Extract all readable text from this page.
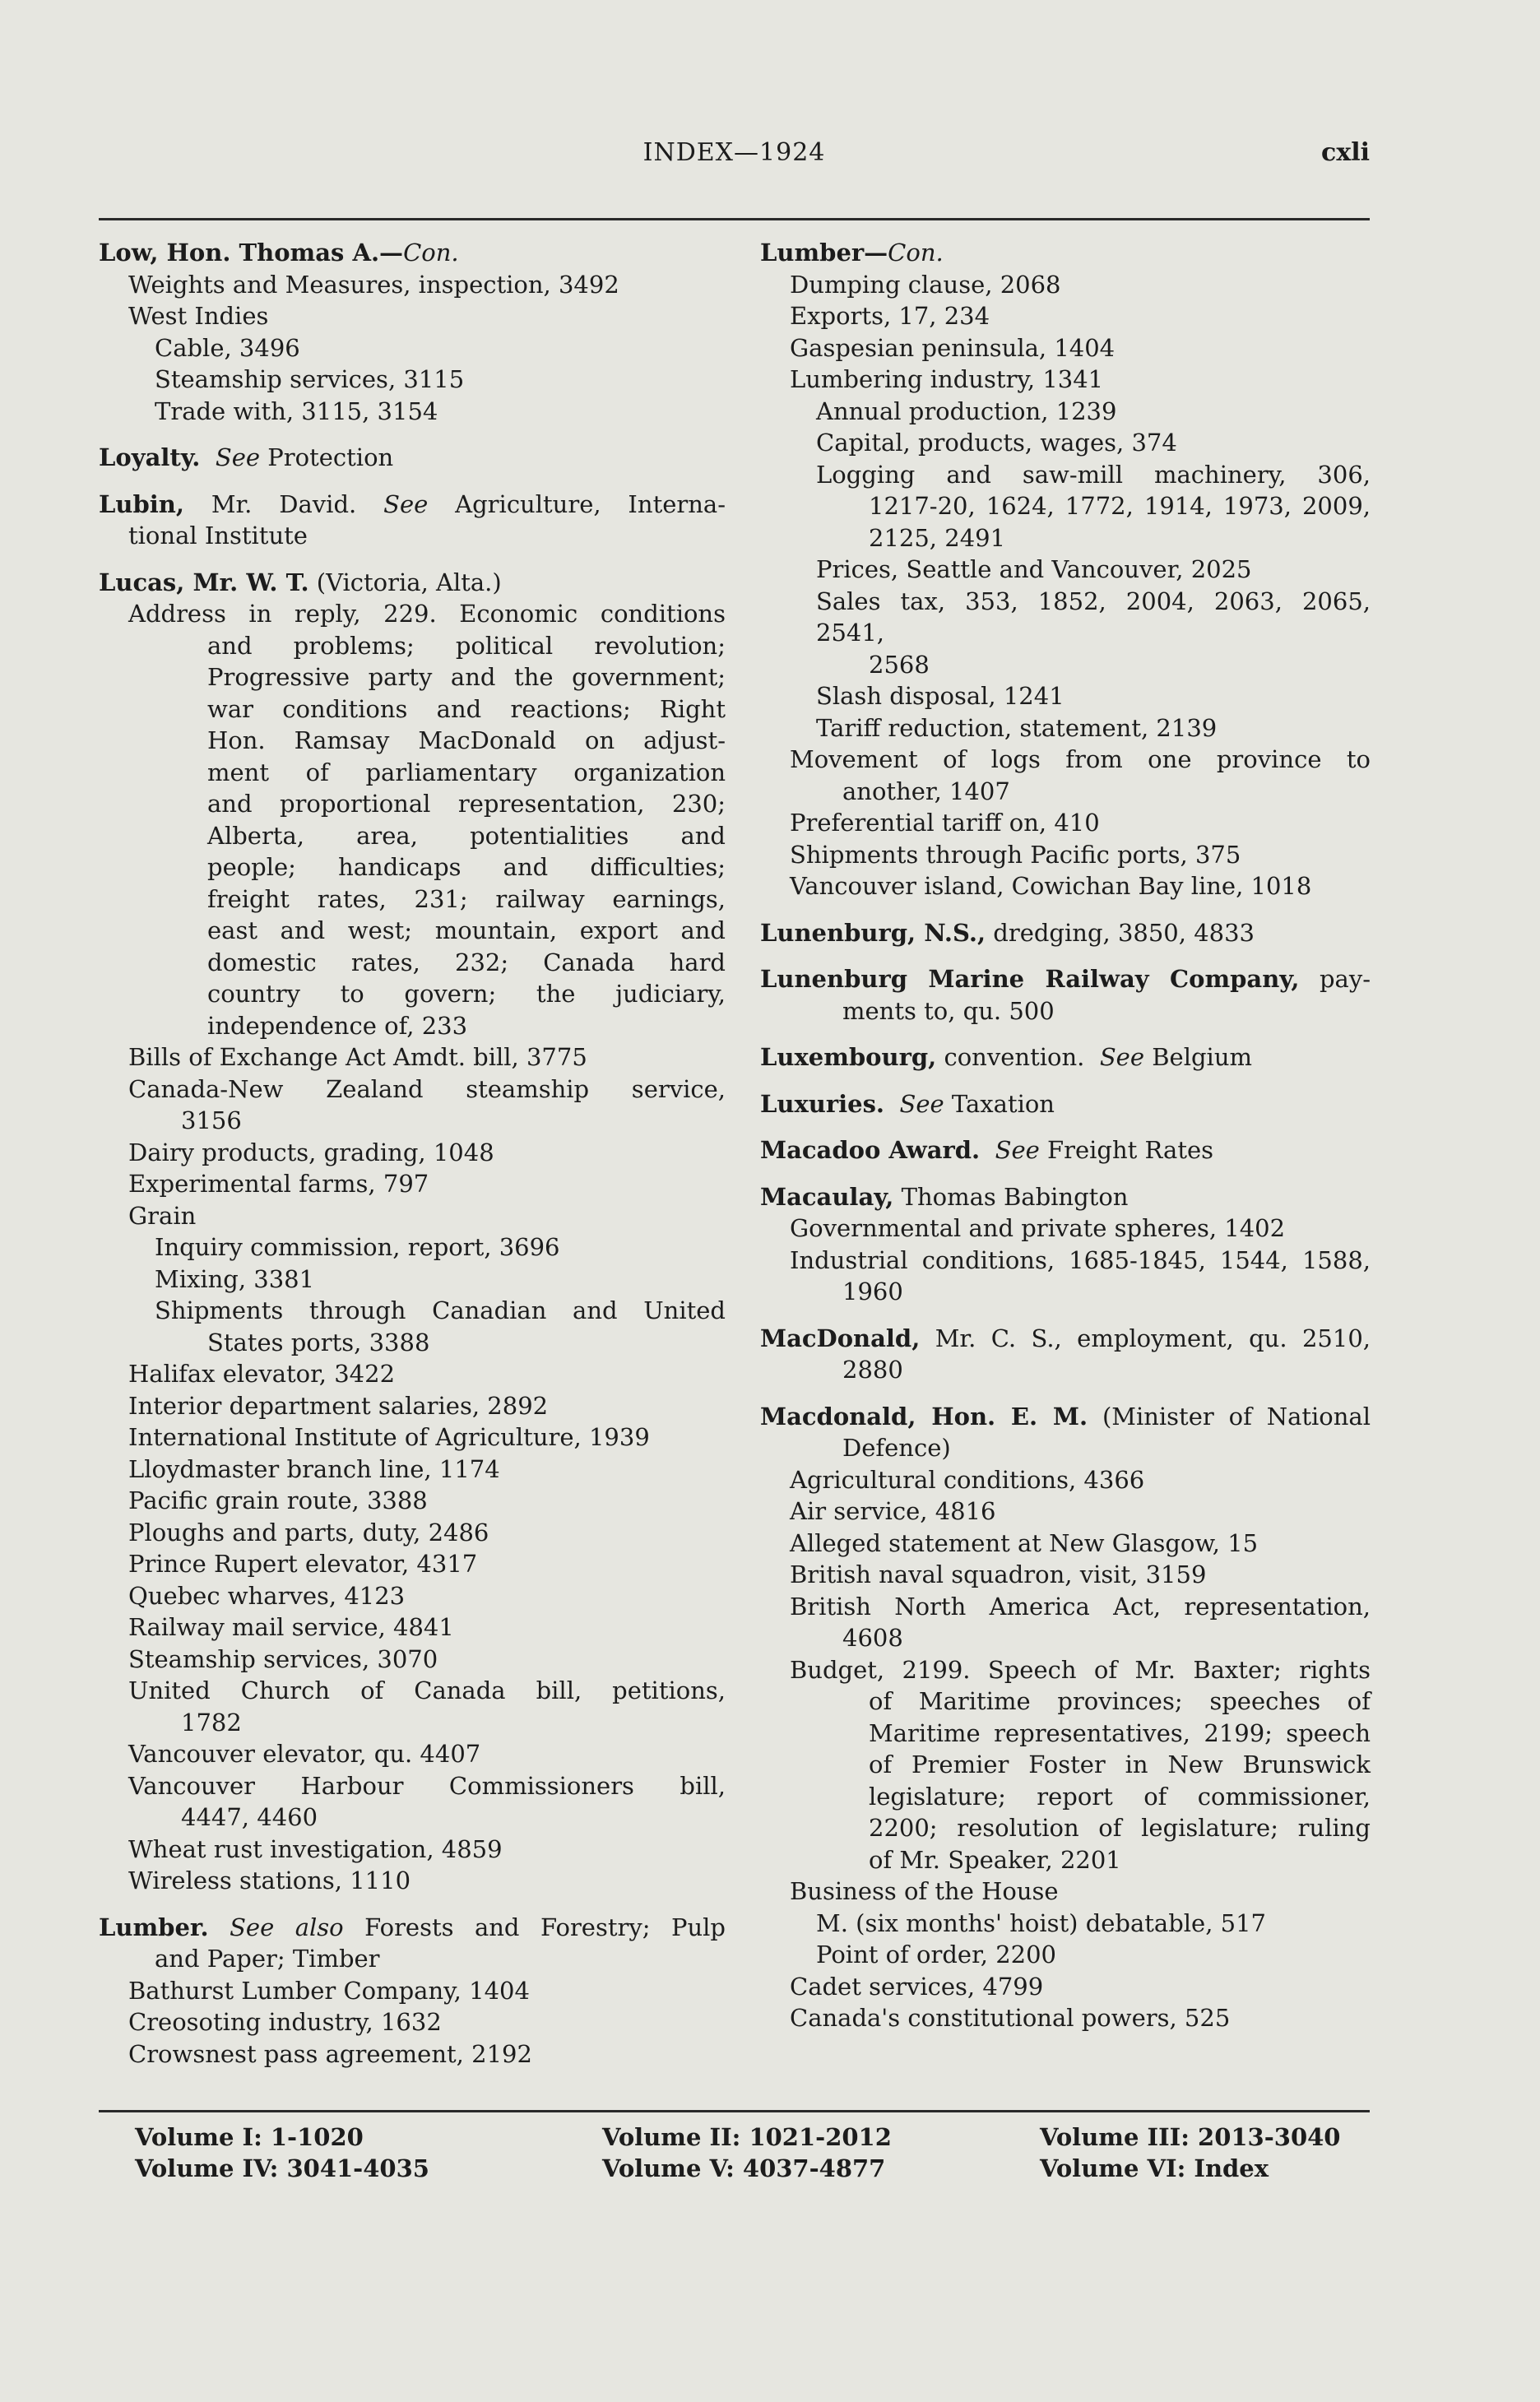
INDEX—1924	cxli
Low, Hon. Thomas A.—Con.
Weights and Measures, inspection, 3492
West Indies
Cable, 3496
Steamship services, 3115
Trade with, 3115, 3154
Loyalty. See Protection
Lubin, Mr. David. See Agriculture, Interna-
tional Institute
Lucas, Mr. W. T. (Victoria, Alta.)
Address in reply, 229. Economic conditions
and problems; political revolution;
Progressive party and the government;
war conditions and reactions; Right
Hon. Ramsay MacDonald on adjust-
ment of parliamentary organization
and proportional representation, 230;
Alberta, area, potentialities and
people; handicaps and difficulties;
freight rates, 231; railway earnings,
east and west; mountain, export and
domestic rates, 232; Canada hard
country to govern; the judiciary,
independence of, 233
Bills of Exchange Act Amdt. bill, 3775
Canada-New Zealand steamship service,
3156
Dairy products, grading, 1048
Experimental farms, 797
Grain
Inquiry commission, report, 3696
Mixing, 3381
Shipments through Canadian and United
States ports, 3388
Halifax elevator, 3422
Interior department salaries, 2892
International Institute of Agriculture, 1939
Lloydmaster branch line, 1174
Pacific grain route, 3388
Ploughs and parts, duty, 2486
Prince Rupert elevator, 4317
Quebec wharves, 4123
Railway mail service, 4841
Steamship services, 3070
United Church of Canada bill, petitions,
1782
Vancouver elevator, qu. 4407
Vancouver Harbour Commissioners bill,
4447, 4460
Wheat rust investigation, 4859
Wireless stations, 1110
Lumber. See also Forests and Forestry; Pulp
and Paper; Timber
Bathurst Lumber Company, 1404
Creosoting industry, 1632
Crowsnest pass agreement, 2192
Lumber—Con.
Dumping clause, 2068
Exports, 17, 234
Gaspesian peninsula, 1404
Lumbering industry, 1341
Annual production, 1239
Capital, products, wages, 374
Logging and saw-mill machinery, 306,
1217-20, 1624, 1772, 1914, 1973, 2009,
2125, 2491
Prices, Seattle and Vancouver, 2025
Sales tax, 353, 1852, 2004, 2063, 2065, 2541,
2568
Slash disposal, 1241
Tariff reduction, statement, 2139
Movement of logs from one province to
another, 1407
Preferential tariff on, 410
Shipments through Pacific ports, 375
Vancouver island, Cowichan Bay line, 1018
Lunenburg, N.S., dredging, 3850, 4833
Lunenburg Marine Railway Company, pay-
ments to, qu. 500
Luxembourg, convention. See Belgium
Luxuries. See Taxation
Macadoo Award. See Freight Rates
Macaulay, Thomas Babington
Governmental and private spheres, 1402
Industrial conditions, 1685-1845, 1544, 1588,
1960
MacDonald, Mr. C. S., employment, qu. 2510,
2880
Macdonald, Hon. E. M. (Minister of National
Defence)
Agricultural conditions, 4366
Air service, 4816
Alleged statement at New Glasgow, 15
British naval squadron, visit, 3159
British North America Act, representation,
4608
Budget, 2199. Speech of Mr. Baxter; rights
of Maritime provinces; speeches of
Maritime representatives, 2199; speech
of Premier Foster in New Brunswick
legislature; report of commissioner,
2200; resolution of legislature; ruling
of Mr. Speaker, 2201
Business of the House
M. (six months' hoist) debatable, 517
Point of order, 2200
Cadet services, 4799
Canada's constitutional powers, 525
Volume I: 1-1020	Volume II: 1021-2012	Volume III: 2013-3040
Volume IV: 3041-4035	Volume V: 4037-4877	Volume VI: Index
